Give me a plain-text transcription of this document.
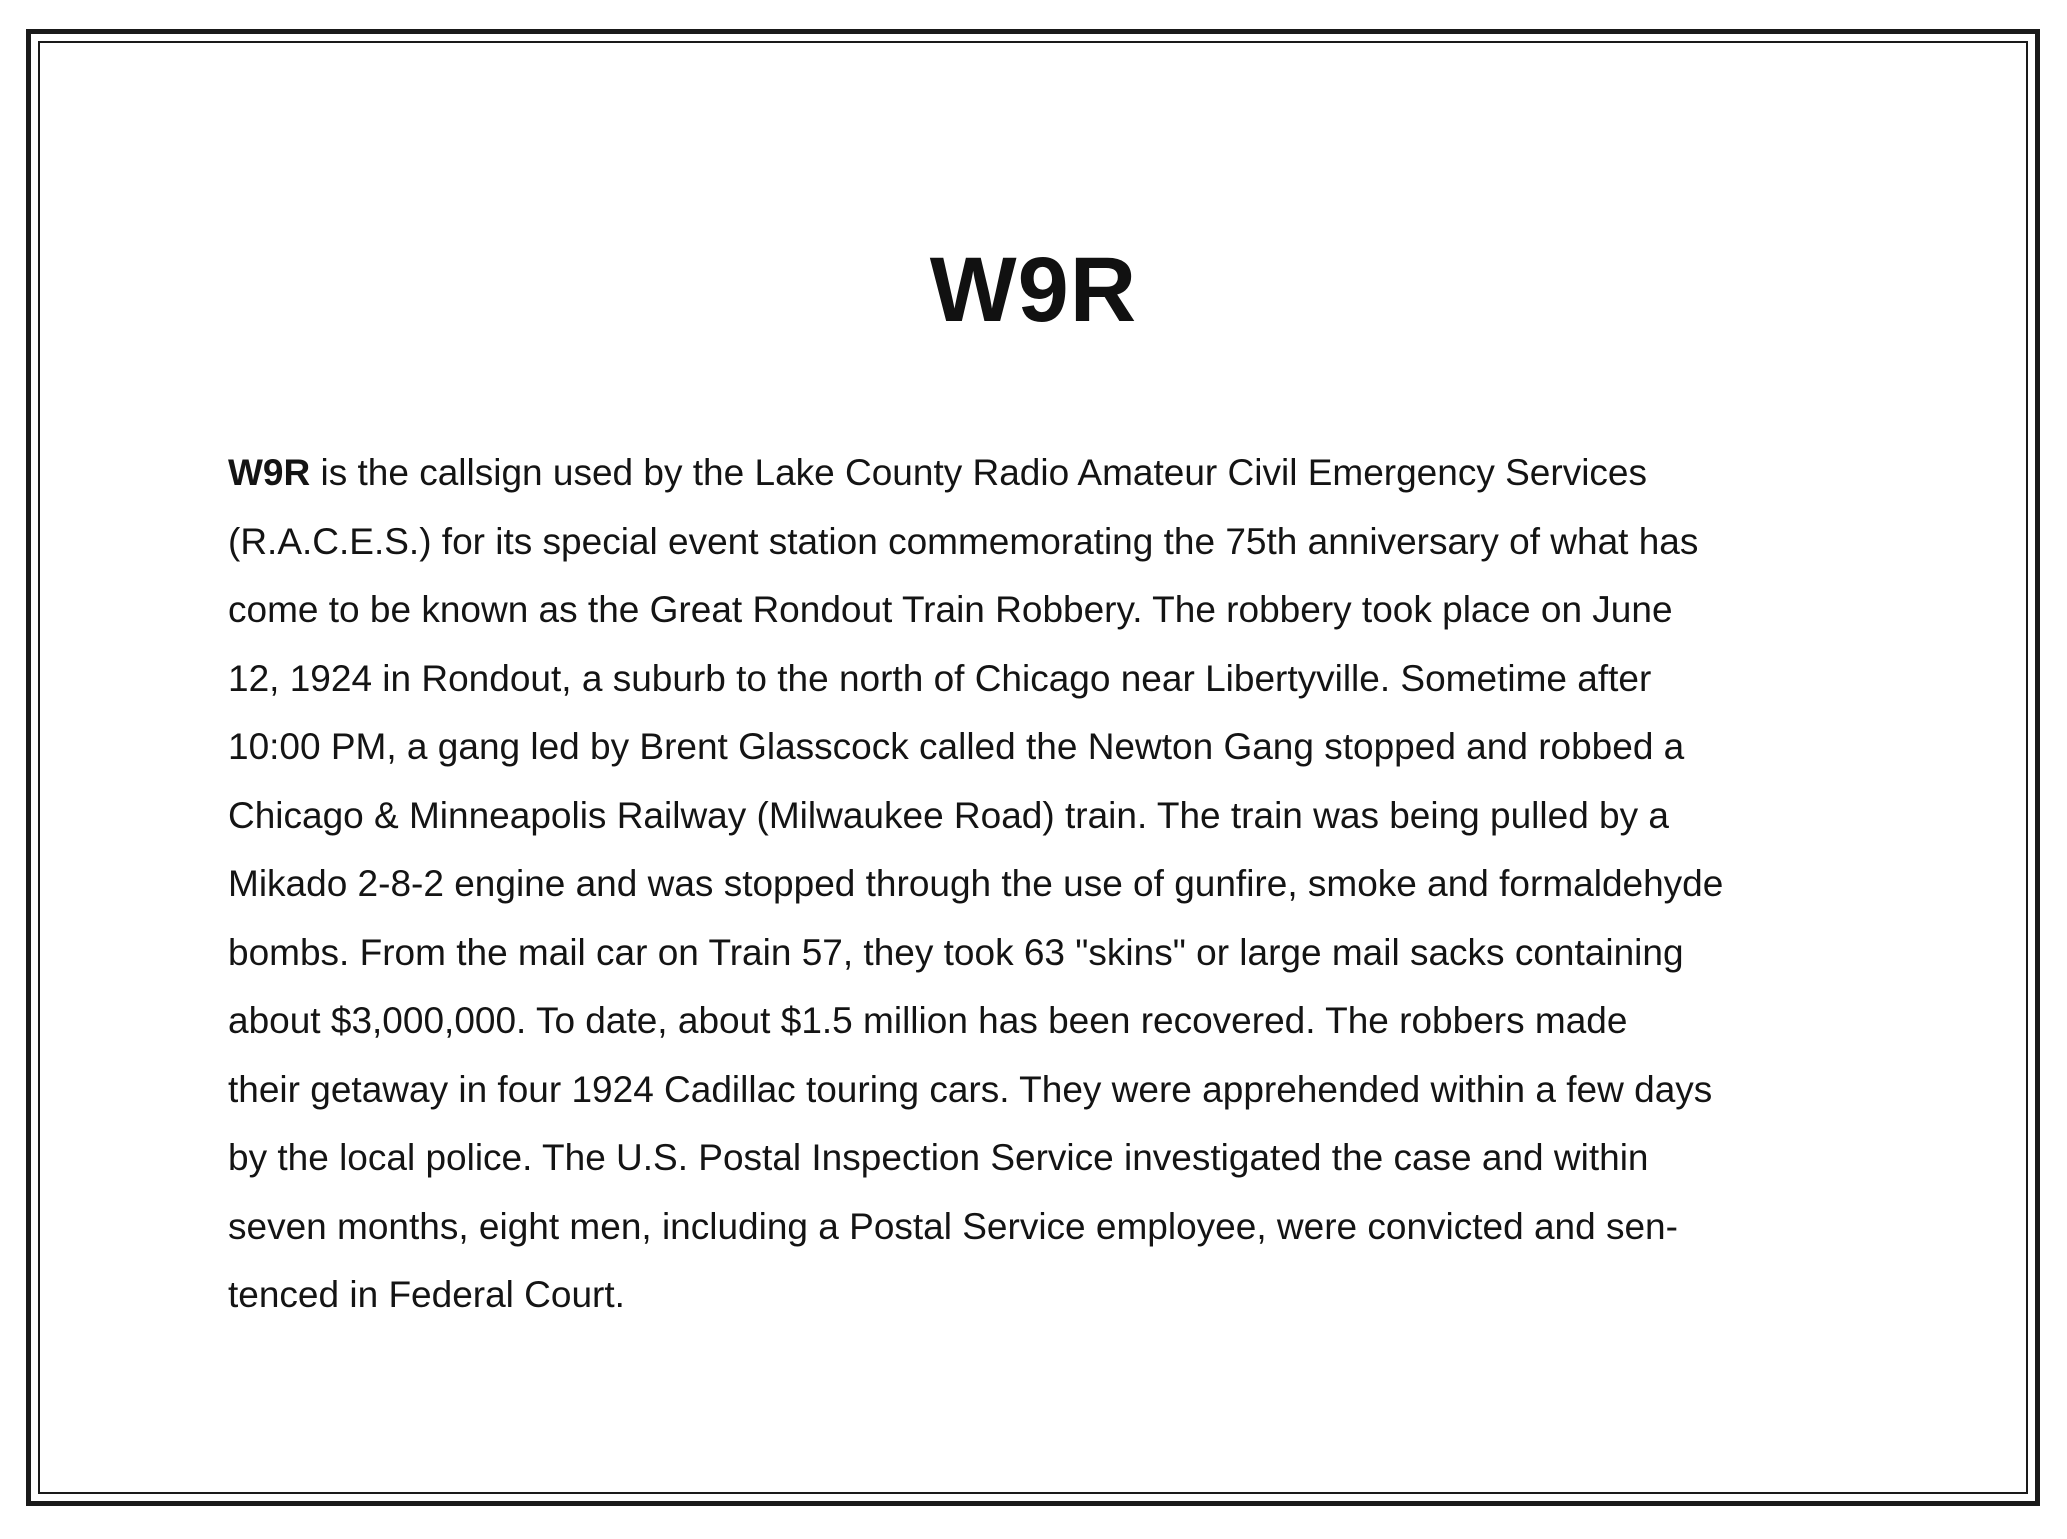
W9R

W9R is the callsign used by the Lake County Radio Amateur Civil Emergency Services
(R.A.C.E.S.) for its special event station commemorating the 75th anniversary of what has
come to be known as the Great Rondout Train Robbery. The robbery took place on June
12, 1924 in Rondout, a suburb to the north of Chicago near Libertyville. Sometime after
10:00 PM, a gang led by Brent Glasscock called the Newton Gang stopped and robbed a
Chicago & Minneapolis Railway (Milwaukee Road) train. The train was being pulled by a
Mikado 2-8-2 engine and was stopped through the use of gunfire, smoke and formaldehyde
bombs. From the mail car on Train 57, they took 63 "skins" or large mail sacks containing
about $3,000,000. To date, about $1.5 million has been recovered. The robbers made
their getaway in four 1924 Cadillac touring cars. They were apprehended within a few days
by the local police. The U.S. Postal Inspection Service investigated the case and within
seven months, eight men, including a Postal Service employee, were convicted and sen-
tenced in Federal Court.
